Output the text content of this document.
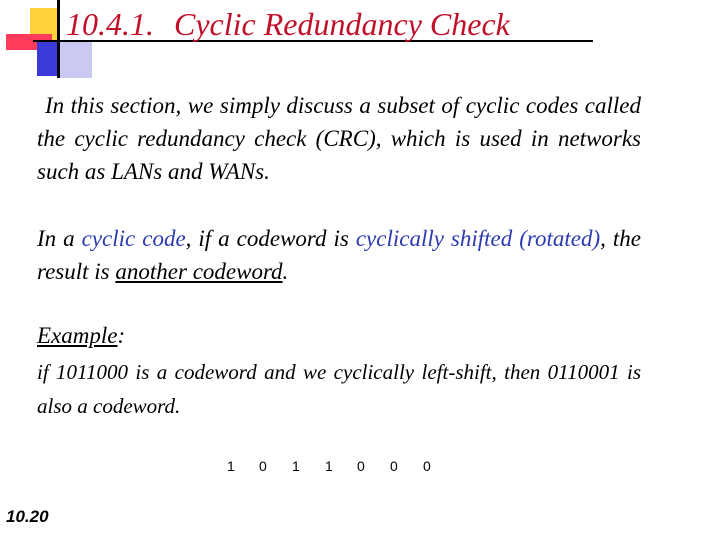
10.4.1. Cyclic Redundancy Check

In this section, we simply discuss a subset of cyclic codes called the cyclic redundancy check (CRC), which is used in networks such as LANs and WANs.

In a cyclic code, if a codeword is cyclically shifted (rotated), the result is another codeword.

Example:

if 1011000 is a codeword and we cyclically left-shift, then 0110001 is also a codeword.

1 0 1 1 0 0 0
10.20
